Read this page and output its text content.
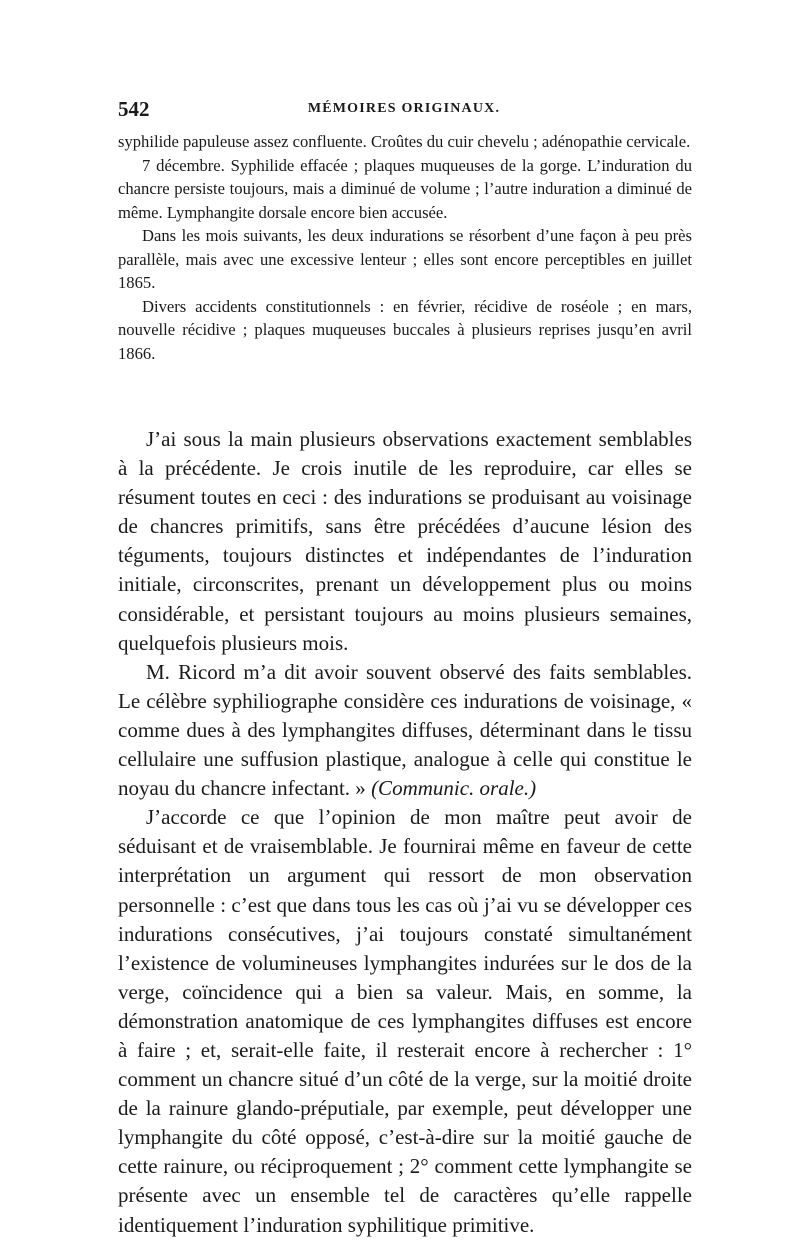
542	MÉMOIRES ORIGINAUX.

syphilide papuleuse assez confluente. Croûtes du cuir chevelu ; adénopathie cervicale.

7 décembre. Syphilide effacée ; plaques muqueuses de la gorge. L’induration du chancre persiste toujours, mais a diminué de volume ; l’autre induration a diminué de même. Lymphangite dorsale encore bien accusée.

Dans les mois suivants, les deux indurations se résorbent d’une façon à peu près parallèle, mais avec une excessive lenteur ; elles sont encore perceptibles en juillet 1865.

Divers accidents constitutionnels : en février, récidive de roséole ; en mars, nouvelle récidive ; plaques muqueuses buccales à plusieurs reprises jusqu’en avril 1866.

J’ai sous la main plusieurs observations exactement semblables à la précédente. Je crois inutile de les reproduire, car elles se résument toutes en ceci : des indurations se produisant au voisinage de chancres primitifs, sans être précédées d’aucune lésion des téguments, toujours distinctes et indépendantes de l’induration initiale, circonscrites, prenant un développement plus ou moins considérable, et persistant toujours au moins plusieurs semaines, quelquefois plusieurs mois.

M. Ricord m’a dit avoir souvent observé des faits semblables. Le célèbre syphiliographe considère ces indurations de voisinage, « comme dues à des lymphangites diffuses, déterminant dans le tissu cellulaire une suffusion plastique, analogue à celle qui constitue le noyau du chancre infectant. » (Communic. orale.)

J’accorde ce que l’opinion de mon maître peut avoir de séduisant et de vraisemblable. Je fournirai même en faveur de cette interprétation un argument qui ressort de mon observation personnelle : c’est que dans tous les cas où j’ai vu se développer ces indurations consécutives, j’ai toujours constaté simultanément l’existence de volumineuses lymphangites indurées sur le dos de la verge, coïncidence qui a bien sa valeur. Mais, en somme, la démonstration anatomique de ces lymphangites diffuses est encore à faire ; et, serait-elle faite, il resterait encore à rechercher : 1° comment un chancre situé d’un côté de la verge, sur la moitié droite de la rainure glando-préputiale, par exemple, peut développer une lymphangite du côté opposé, c’est-à-dire sur la moitié gauche de cette rainure, ou réciproquement ; 2° comment cette lymphangite se présente avec un ensemble tel de caractères qu’elle rappelle identiquement l’induration syphilitique primitive.
